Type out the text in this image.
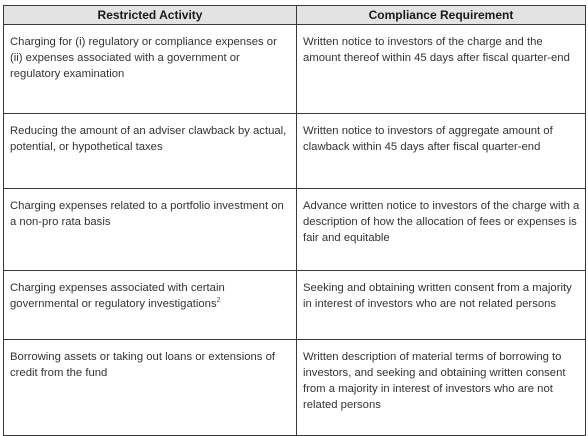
Restricted Activity	Compliance Requirement
Charging for (i) regulatory or compliance expenses or (ii) expenses associated with a government or regulatory examination	Written notice to investors of the charge and the amount thereof within 45 days after fiscal quarter-end
Reducing the amount of an adviser clawback by actual, potential, or hypothetical taxes	Written notice to investors of aggregate amount of clawback within 45 days after fiscal quarter-end
Charging expenses related to a portfolio investment on a non-pro rata basis	Advance written notice to investors of the charge with a description of how the allocation of fees or expenses is fair and equitable
Charging expenses associated with certain governmental or regulatory investigations$^2$	Seeking and obtaining written consent from a majority in interest of investors who are not related persons
Borrowing assets or taking out loans or extensions of credit from the fund	Written description of material terms of borrowing to investors, and seeking and obtaining written consent from a majority in interest of investors who are not related persons
